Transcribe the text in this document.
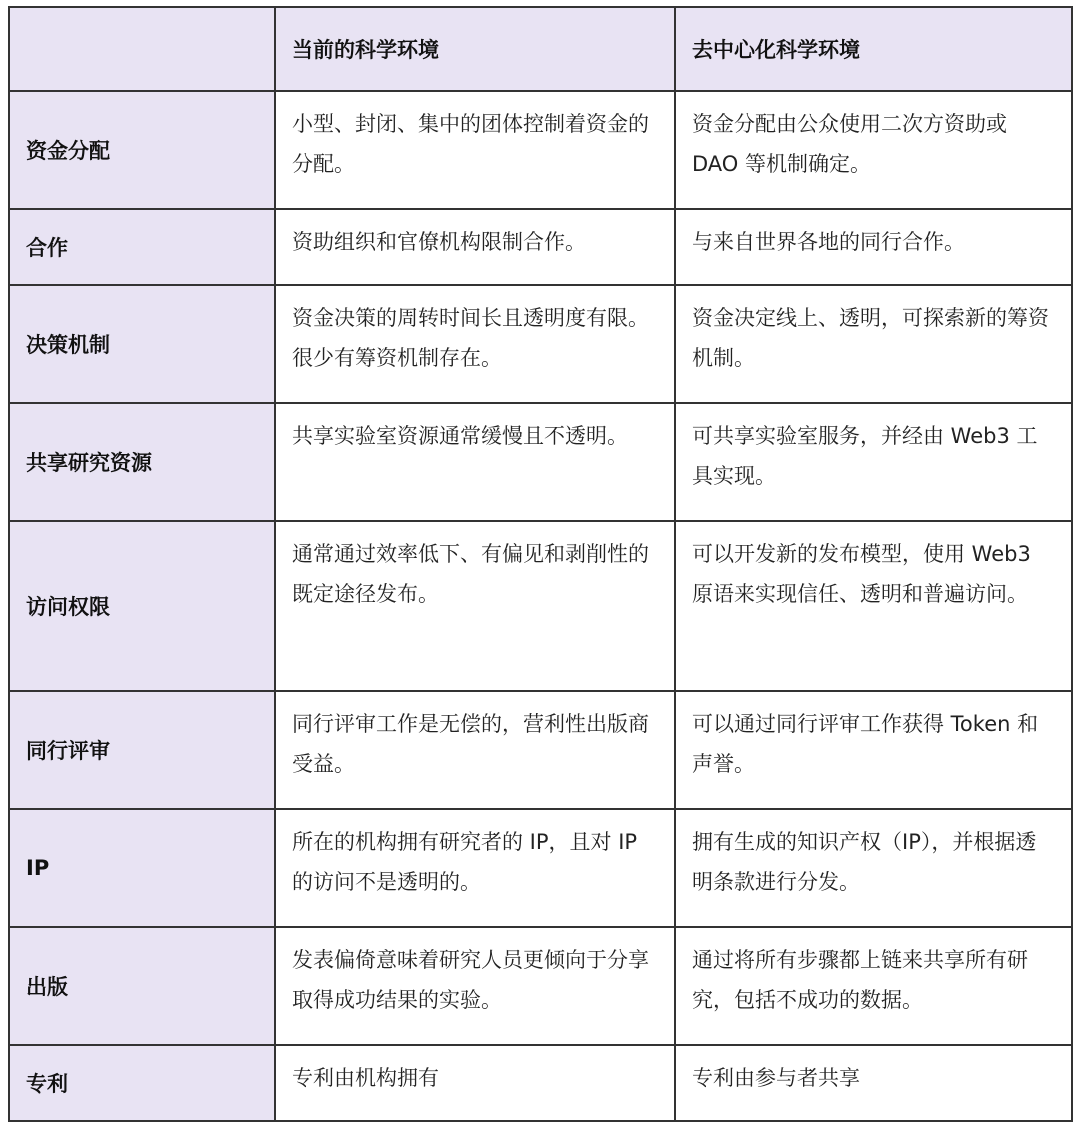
	当前的科学环境	去中心化科学环境
资金分配	小型、封闭、集中的团体控制着资金的分配。	资金分配由公众使用二次方资助或 DAO 等机制确定。
合作	资助组织和官僚机构限制合作。	与来自世界各地的同行合作。
决策机制	资金决策的周转时间长且透明度有限。很少有筹资机制存在。	资金决定线上、透明，可探索新的筹资机制。
共享研究资源	共享实验室资源通常缓慢且不透明。	可共享实验室服务，并经由 Web3 工具实现。
访问权限	通常通过效率低下、有偏见和剥削性的既定途径发布。	可以开发新的发布模型，使用 Web3 原语来实现信任、透明和普遍访问。
同行评审	同行评审工作是无偿的，营利性出版商受益。	可以通过同行评审工作获得 Token 和声誉。
IP	所在的机构拥有研究者的 IP，且对 IP 的访问不是透明的。	拥有生成的知识产权（IP），并根据透明条款进行分发。
出版	发表偏倚意味着研究人员更倾向于分享取得成功结果的实验。	通过将所有步骤都上链来共享所有研究，包括不成功的数据。
专利	专利由机构拥有	专利由参与者共享
